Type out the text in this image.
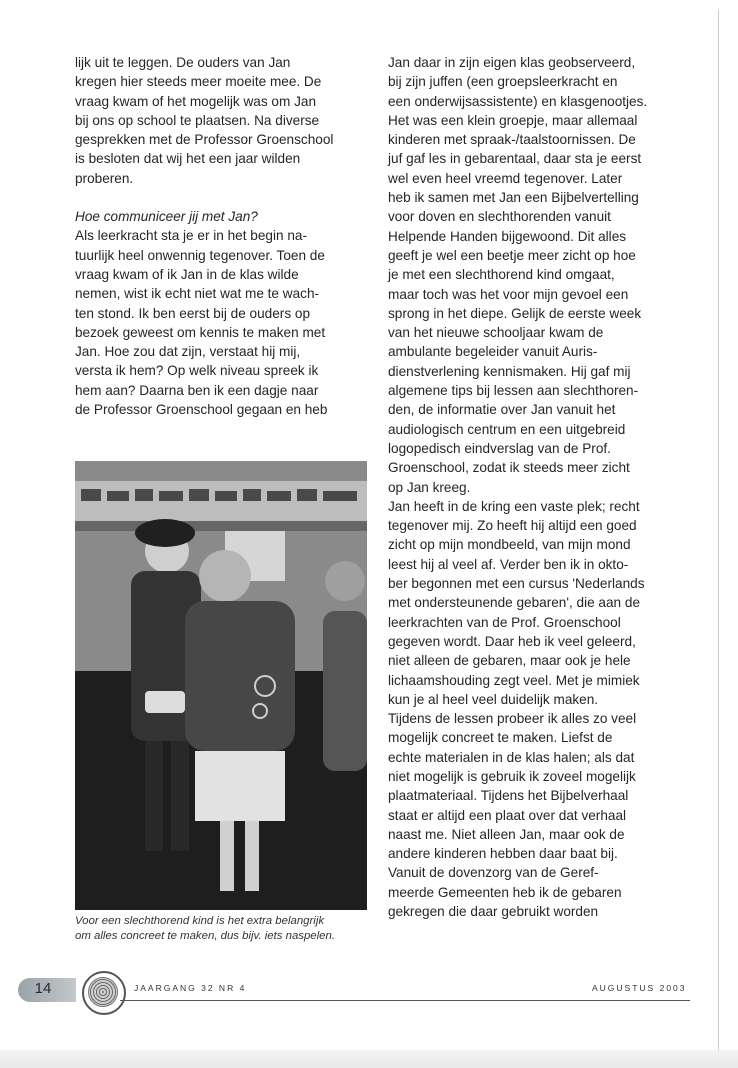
lijk uit te leggen. De ouders van Jan
kregen hier steeds meer moeite mee. De
vraag kwam of het mogelijk was om Jan
bij ons op school te plaatsen. Na diverse
gesprekken met de Professor Groenschool
is besloten dat wij het een jaar wilden
proberen.

Hoe communiceer jij met Jan?

Als leerkracht sta je er in het begin na-
tuurlijk heel onwennig tegenover. Toen de
vraag kwam of ik Jan in de klas wilde
nemen, wist ik echt niet wat me te wach-
ten stond. Ik ben eerst bij de ouders op
bezoek geweest om kennis te maken met
Jan. Hoe zou dat zijn, verstaat hij mij,
versta ik hem? Op welk niveau spreek ik
hem aan? Daarna ben ik een dagje naar
de Professor Groenschool gegaan en heb

Voor een slechthorend kind is het extra belangrijk
om alles concreet te maken, dus bijv. iets naspelen.

Jan daar in zijn eigen klas geobserveerd,
bij zijn juffen (een groepsleerkracht en
een onderwijsassistente) en klasgenootjes.
Het was een klein groepje, maar allemaal
kinderen met spraak-/taalstoornissen. De
juf gaf les in gebarentaal, daar sta je eerst
wel even heel vreemd tegenover. Later
heb ik samen met Jan een Bijbelvertelling
voor doven en slechthorenden vanuit
Helpende Handen bijgewoond. Dit alles
geeft je wel een beetje meer zicht op hoe
je met een slechthorend kind omgaat,
maar toch was het voor mijn gevoel een
sprong in het diepe. Gelijk de eerste week
van het nieuwe schooljaar kwam de
ambulante begeleider vanuit Auris-
dienstverlening kennismaken. Hij gaf mij
algemene tips bij lessen aan slechthoren-
den, de informatie over Jan vanuit het
audiologisch centrum en een uitgebreid
logopedisch eindverslag van de Prof.
Groenschool, zodat ik steeds meer zicht
op Jan kreeg.

Jan heeft in de kring een vaste plek; recht
tegenover mij. Zo heeft hij altijd een goed
zicht op mijn mondbeeld, van mijn mond
leest hij al veel af. Verder ben ik in okto-
ber begonnen met een cursus 'Nederlands
met ondersteunende gebaren', die aan de
leerkrachten van de Prof. Groenschool
gegeven wordt. Daar heb ik veel geleerd,
niet alleen de gebaren, maar ook je hele
lichaamshouding zegt veel. Met je mimiek
kun je al heel veel duidelijk maken.
Tijdens de lessen probeer ik alles zo veel
mogelijk concreet te maken. Liefst de
echte materialen in de klas halen; als dat
niet mogelijk is gebruik ik zoveel mogelijk
plaatmateriaal. Tijdens het Bijbelverhaal
staat er altijd een plaat over dat verhaal
naast me. Niet alleen Jan, maar ook de
andere kinderen hebben daar baat bij.
Vanuit de dovenzorg van de Geref-
meerde Gemeenten heb ik de gebaren
gekregen die daar gebruikt worden

14	JAARGANG 32 NR 4	AUGUSTUS 2003
